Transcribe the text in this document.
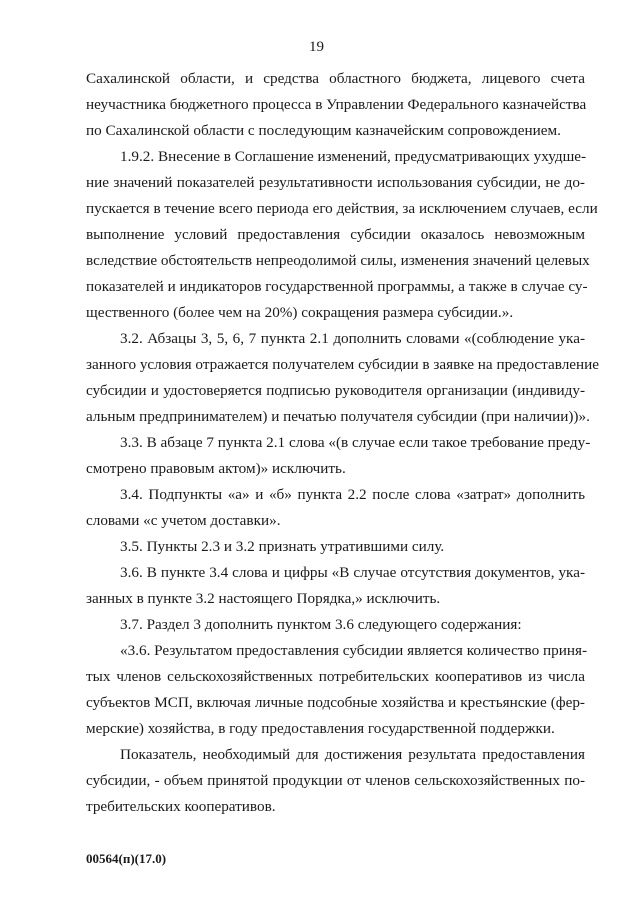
19
Сахалинской области, и средства областного бюджета, лицевого счета
неучастника бюджетного процесса в Управлении Федерального казначейства
по Сахалинской области с последующим казначейским сопровождением.
1.9.2. Внесение в Соглашение изменений, предусматривающих ухудше-
ние значений показателей результативности использования субсидии, не до-
пускается в течение всего периода его действия, за исключением случаев, если
выполнение условий предоставления субсидии оказалось невозможным
вследствие обстоятельств непреодолимой силы, изменения значений целевых
показателей и индикаторов государственной программы, а также в случае су-
щественного (более чем на 20%) сокращения размера субсидии.».
3.2. Абзацы 3, 5, 6, 7 пункта 2.1 дополнить словами «(соблюдение ука-
занного условия отражается получателем субсидии в заявке на предоставление
субсидии и удостоверяется подписью руководителя организации (индивиду-
альным предпринимателем) и печатью получателя субсидии (при наличии))».
3.3. В абзаце 7 пункта 2.1 слова «(в случае если такое требование преду-
смотрено правовым актом)» исключить.
3.4. Подпункты «а» и «б» пункта 2.2 после слова «затрат» дополнить
словами «с учетом доставки».
3.5. Пункты 2.3 и 3.2 признать утратившими силу.
3.6. В пункте 3.4 слова и цифры «В случае отсутствия документов, ука-
занных в пункте 3.2 настоящего Порядка,» исключить.
3.7. Раздел 3 дополнить пунктом 3.6 следующего содержания:
«3.6. Результатом предоставления субсидии является количество приня-
тых членов сельскохозяйственных потребительских кооперативов из числа
субъектов МСП, включая личные подсобные хозяйства и крестьянские (фер-
мерские) хозяйства, в году предоставления государственной поддержки.
Показатель, необходимый для достижения результата предоставления
субсидии, - объем принятой продукции от членов сельскохозяйственных по-
требительских кооперативов.
00564(п)(17.0)
